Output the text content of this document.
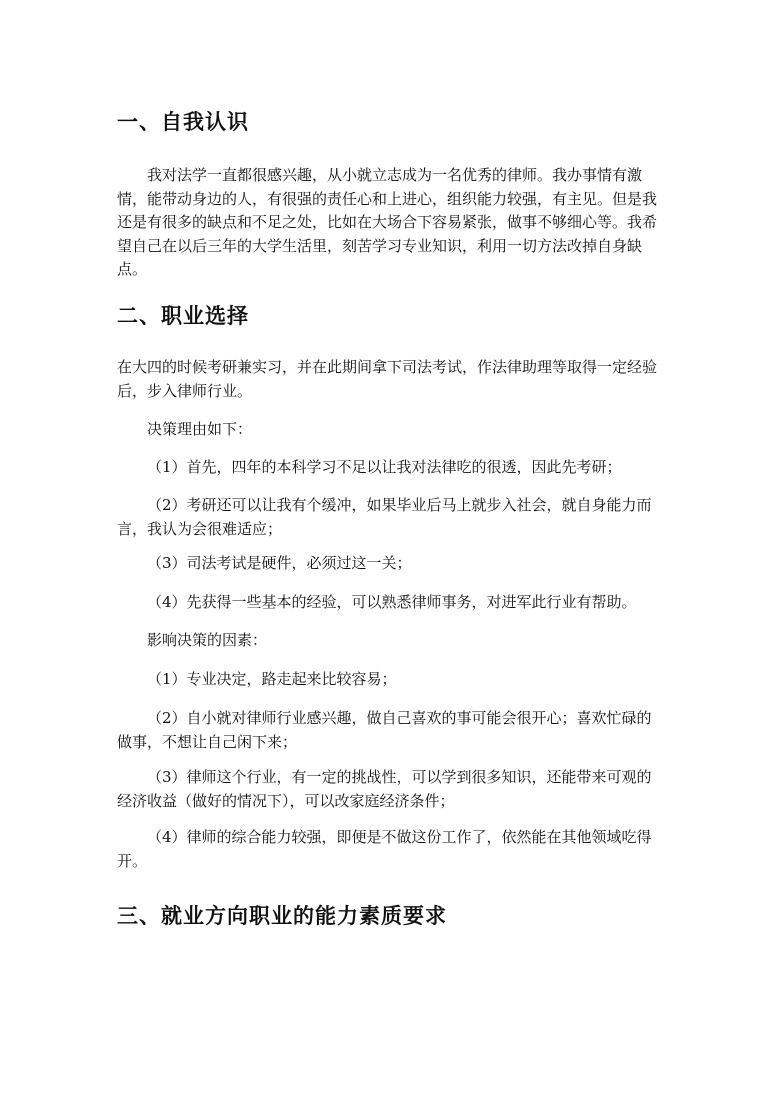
一、自我认识

我对法学一直都很感兴趣，从小就立志成为一名优秀的律师。我办事情有激情，能带动身边的人，有很强的责任心和上进心，组织能力较强，有主见。但是我还是有很多的缺点和不足之处，比如在大场合下容易紧张，做事不够细心等。我希望自己在以后三年的大学生活里，刻苦学习专业知识，利用一切方法改掉自身缺点。

二、职业选择

在大四的时候考研兼实习，并在此期间拿下司法考试，作法律助理等取得一定经验后，步入律师行业。

决策理由如下：

（1）首先，四年的本科学习不足以让我对法律吃的很透，因此先考研；

（2）考研还可以让我有个缓冲，如果毕业后马上就步入社会，就自身能力而言，我认为会很难适应；

（3）司法考试是硬件，必须过这一关；

（4）先获得一些基本的经验，可以熟悉律师事务，对进军此行业有帮助。

影响决策的因素：

（1）专业决定，路走起来比较容易；

（2）自小就对律师行业感兴趣，做自己喜欢的事可能会很开心；喜欢忙碌的做事，不想让自己闲下来；

（3）律师这个行业，有一定的挑战性，可以学到很多知识，还能带来可观的经济收益（做好的情况下），可以改家庭经济条件；

（4）律师的综合能力较强，即便是不做这份工作了，依然能在其他领域吃得开。

三、就业方向职业的能力素质要求
